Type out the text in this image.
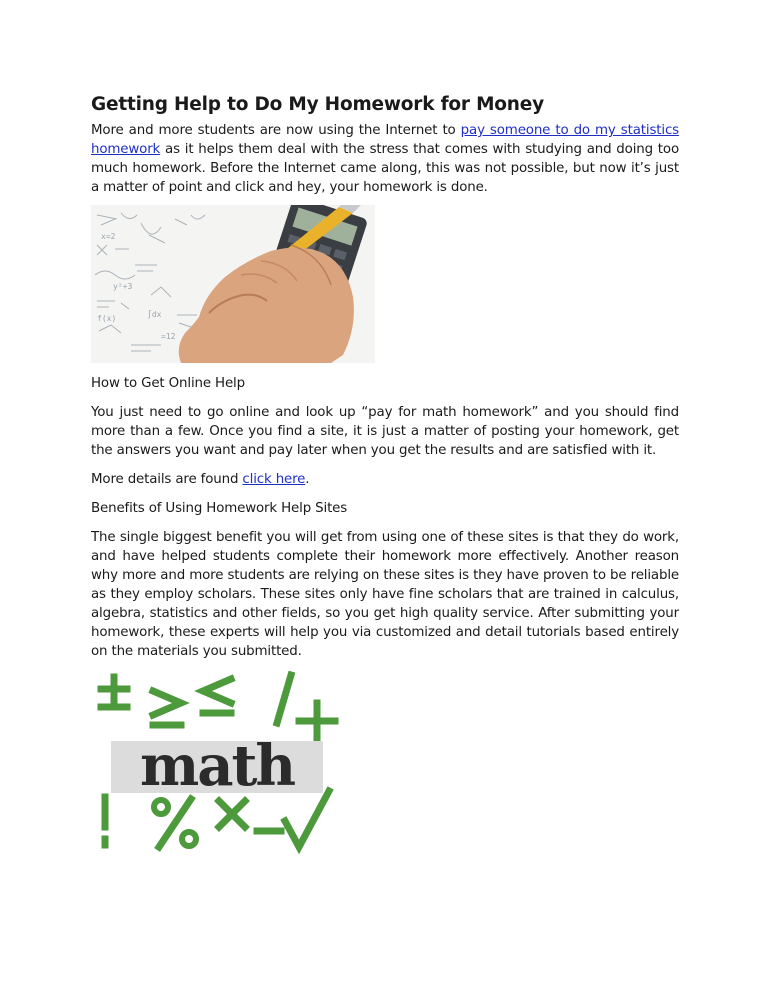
Getting Help to Do My Homework for Money

More and more students are now using the Internet to pay someone to do my statistics homework as it helps them deal with the stress that comes with studying and doing too much homework. Before the Internet came along, this was not possible, but now it’s just a matter of point and click and hey, your homework is done.

x=2
y²+3
f(x)	∫dx
=12

How to Get Online Help

You just need to go online and look up “pay for math homework” and you should find more than a few. Once you find a site, it is just a matter of posting your homework, get the answers you want and pay later when you get the results and are satisfied with it.

More details are found click here.

Benefits of Using Homework Help Sites

The single biggest benefit you will get from using one of these sites is that they do work, and have helped students complete their homework more effectively. Another reason why more and more students are relying on these sites is they have proven to be reliable as they employ scholars. These sites only have fine scholars that are trained in calculus, algebra, statistics and other fields, so you get high quality service. After submitting your homework, these experts will help you via customized and detail tutorials based entirely on the materials you submitted.

math
